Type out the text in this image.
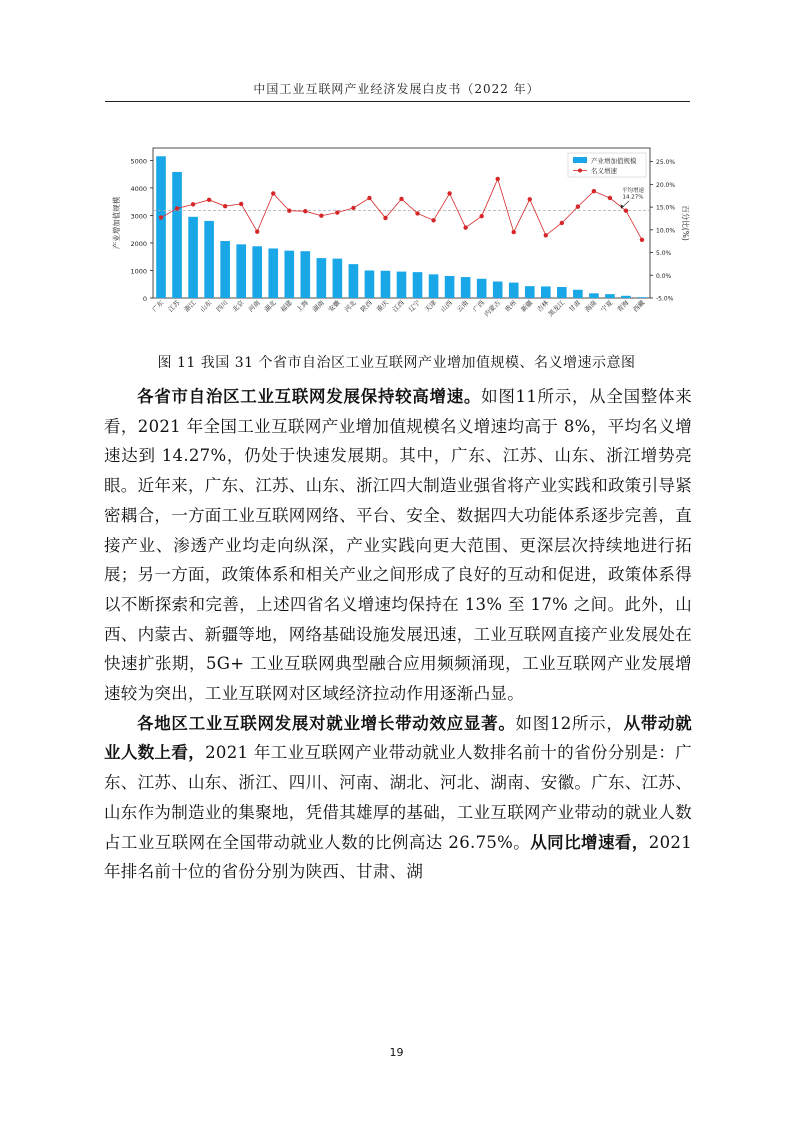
中国工业互联网产业经济发展白皮书（2022 年）
0
1000
2000
3000
4000
5000
-5.0%
0.0%
5.0%
10.0%
15.0%
20.0%
25.0%
产业增加值规模	百分比(%)
平均增速
14.27%
广东 江苏 浙江 山东 四川 北京 河南 湖北 福建 上海 湖南 安徽 河北 陕西 重庆 江西 辽宁 天津 山西 云南 广西
内蒙古 贵州 新疆 吉林
黑龙江 甘肃 海南 宁夏 青海 西藏
产业增加值规模
名义增速
图 11 我国 31 个省市自治区工业互联网产业增加值规模、名义增速示意图

各省市自治区工业互联网发展保持较高增速。如图11所示，从全国整体来看，2021 年全国工业互联网产业增加值规模名义增速均高于 8%，平均名义增速达到 14.27%，仍处于快速发展期。其中，广东、江苏、山东、浙江增势亮眼。近年来，广东、江苏、山东、浙江四大制造业强省将产业实践和政策引导紧密耦合，一方面工业互联网网络、平台、安全、数据四大功能体系逐步完善，直接产业、渗透产业均走向纵深，产业实践向更大范围、更深层次持续地进行拓展；另一方面，政策体系和相关产业之间形成了良好的互动和促进，政策体系得以不断探索和完善，上述四省名义增速均保持在 13% 至 17% 之间。此外，山西、内蒙古、新疆等地，网络基础设施发展迅速，工业互联网直接产业发展处在快速扩张期，5G+ 工业互联网典型融合应用频频涌现，工业互联网产业发展增速较为突出，工业互联网对区域经济拉动作用逐渐凸显。

各地区工业互联网发展对就业增长带动效应显著。如图12所示，从带动就业人数上看，2021 年工业互联网产业带动就业人数排名前十的省份分别是：广东、江苏、山东、浙江、四川、河南、湖北、河北、湖南、安徽。广东、江苏、山东作为制造业的集聚地，凭借其雄厚的基础，工业互联网产业带动的就业人数占工业互联网在全国带动就业人数的比例高达 26.75%。从同比增速看，2021 年排名前十位的省份分别为陕西、甘肃、湖

19
